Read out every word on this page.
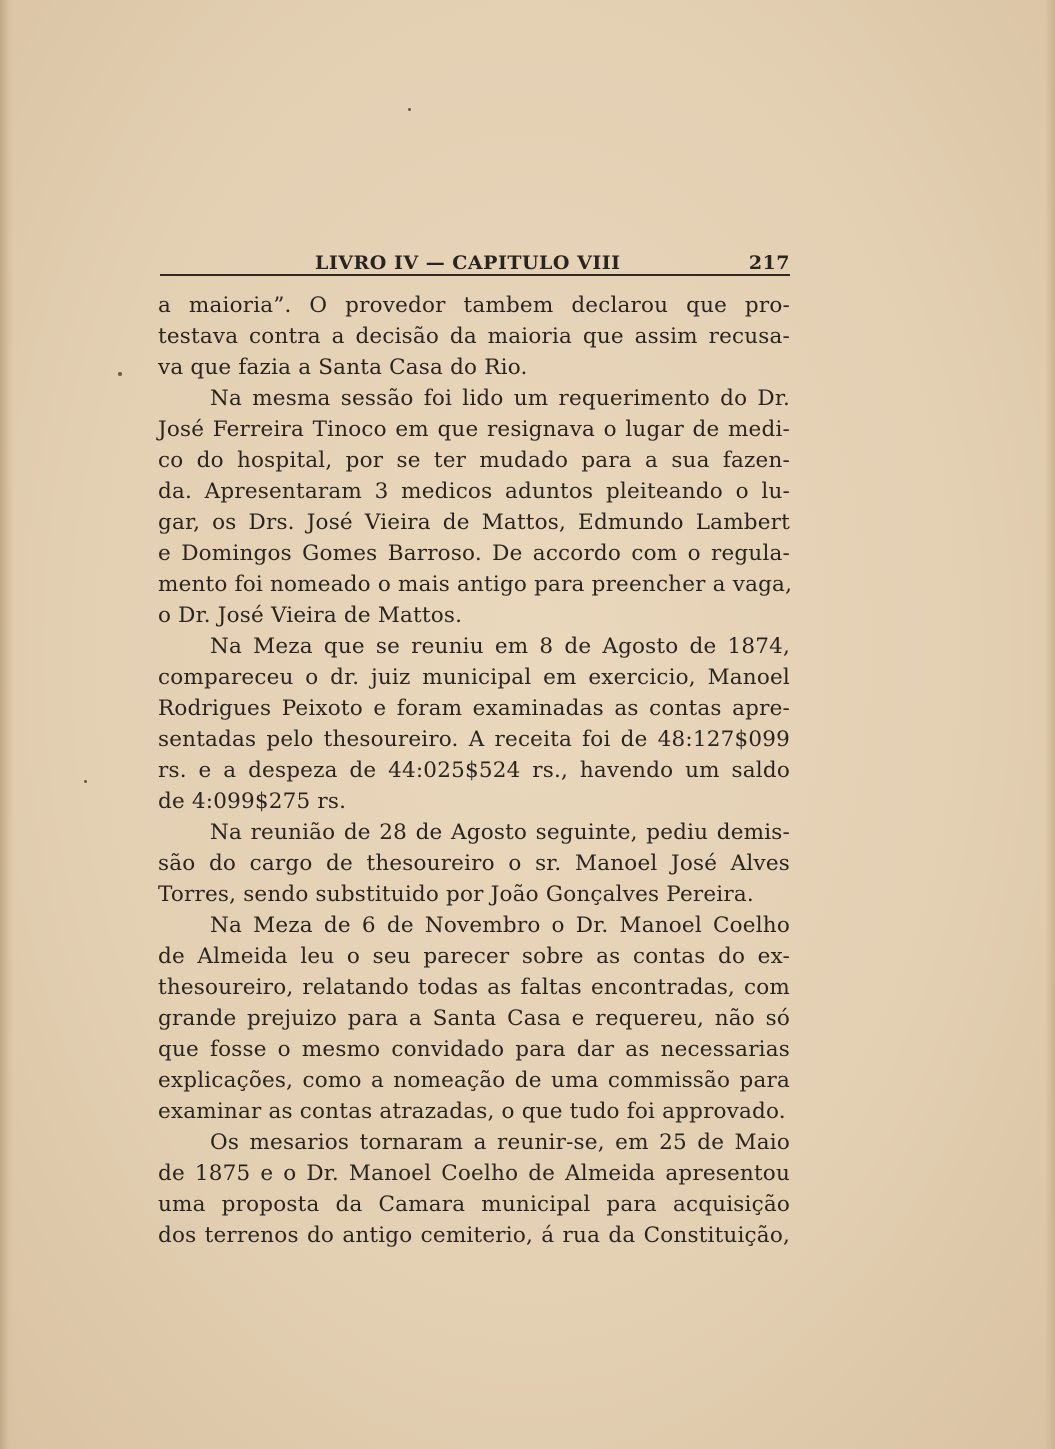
LIVRO IV — CAPITULO VIII	217
a maioria”. O provedor tambem declarou que pro-
testava contra a decisão da maioria que assim recusa-
va que fazia a Santa Casa do Rio.
Na mesma sessão foi lido um requerimento do Dr.
José Ferreira Tinoco em que resignava o lugar de medi-
co do hospital, por se ter mudado para a sua fazen-
da. Apresentaram 3 medicos aduntos pleiteando o lu-
gar, os Drs. José Vieira de Mattos, Edmundo Lambert
e Domingos Gomes Barroso. De accordo com o regula-
mento foi nomeado o mais antigo para preencher a vaga,
o Dr. José Vieira de Mattos.
Na Meza que se reuniu em 8 de Agosto de 1874,
compareceu o dr. juiz municipal em exercicio, Manoel
Rodrigues Peixoto e foram examinadas as contas apre-
sentadas pelo thesoureiro. A receita foi de 48:127$099
rs. e a despeza de 44:025$524 rs., havendo um saldo
de 4:099$275 rs.
Na reunião de 28 de Agosto seguinte, pediu demis-
são do cargo de thesoureiro o sr. Manoel José Alves
Torres, sendo substituido por João Gonçalves Pereira.
Na Meza de 6 de Novembro o Dr. Manoel Coelho
de Almeida leu o seu parecer sobre as contas do ex-
thesoureiro, relatando todas as faltas encontradas, com
grande prejuizo para a Santa Casa e requereu, não só
que fosse o mesmo convidado para dar as necessarias
explicações, como a nomeação de uma commissão para
examinar as contas atrazadas, o que tudo foi approvado.
Os mesarios tornaram a reunir-se, em 25 de Maio
de 1875 e o Dr. Manoel Coelho de Almeida apresentou
uma proposta da Camara municipal para acquisição
dos terrenos do antigo cemiterio, á rua da Constituição,
